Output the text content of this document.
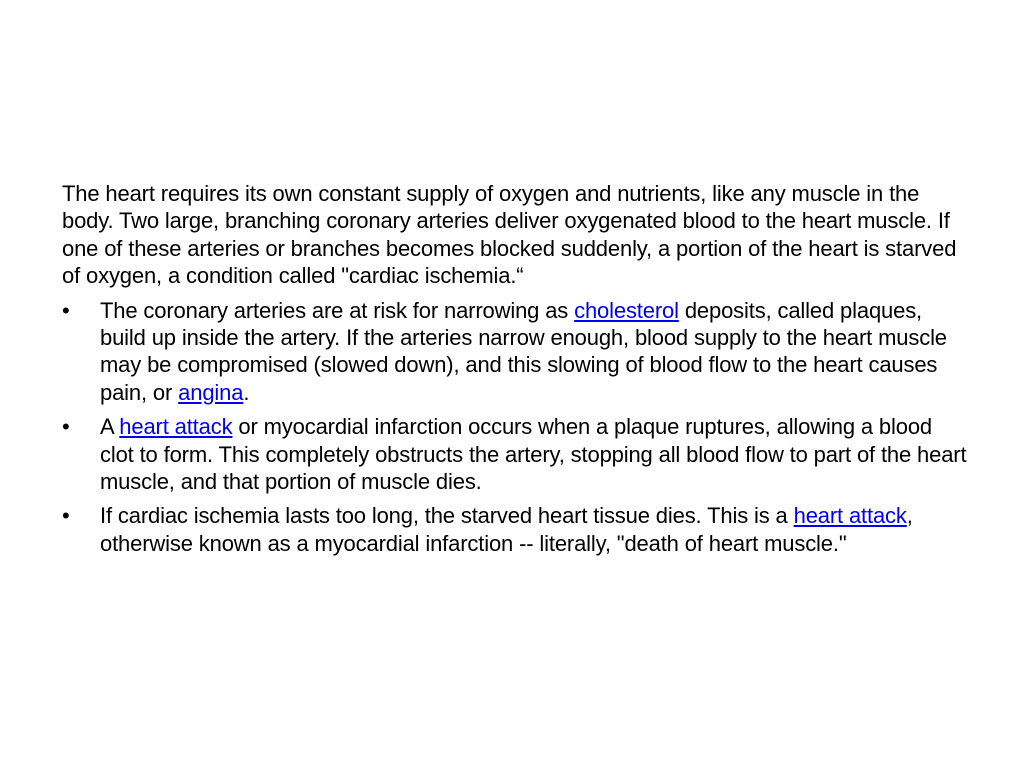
The heart requires its own constant supply of oxygen and nutrients, like any muscle in the body. Two large, branching coronary arteries deliver oxygenated blood to the heart muscle. If one of these arteries or branches becomes blocked suddenly, a portion of the heart is starved of oxygen, a condition called "cardiac ischemia.“

•	The coronary arteries are at risk for narrowing as cholesterol deposits, called plaques, build up inside the artery. If the arteries narrow enough, blood supply to the heart muscle may be compromised (slowed down), and this slowing of blood flow to the heart causes pain, or angina.
•	A heart attack or myocardial infarction occurs when a plaque ruptures, allowing a blood clot to form. This completely obstructs the artery, stopping all blood flow to part of the heart muscle, and that portion of muscle dies.
•	If cardiac ischemia lasts too long, the starved heart tissue dies. This is a heart attack, otherwise known as a myocardial infarction -- literally, "death of heart muscle."
